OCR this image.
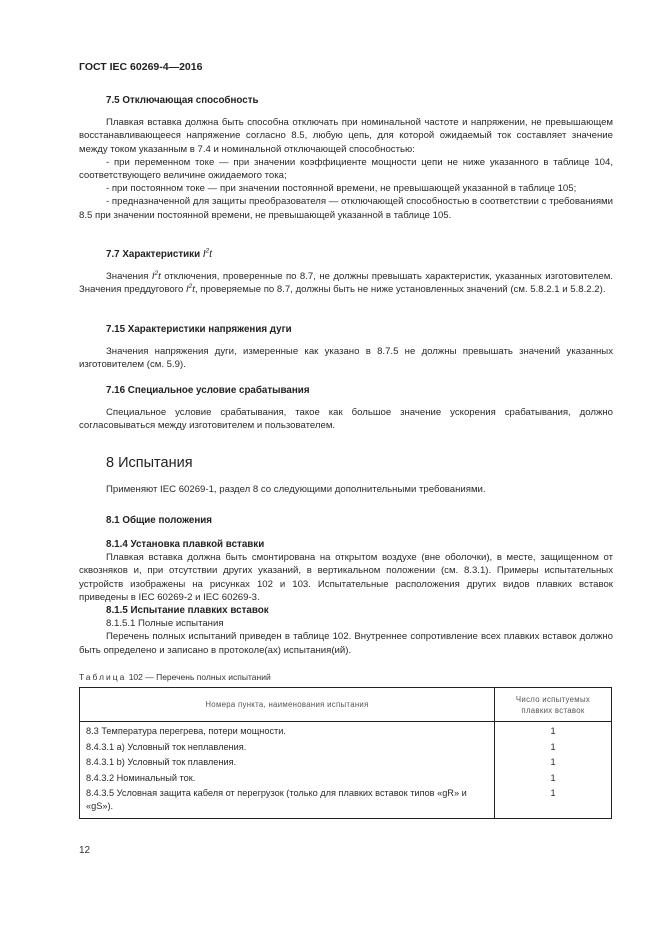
ГОСТ IEC 60269-4—2016
7.5 Отключающая способность

Плавкая вставка должна быть способна отключать при номинальной частоте и напряжении, не превышающем восстанавливающееся напряжение согласно 8.5, любую цепь, для которой ожидаемый ток составляет значение между током указанным в 7.4 и номинальной отключающей способностью:

- при переменном токе — при значении коэффициенте мощности цепи не ниже указанного в таблице 104, соответствующего величине ожидаемого тока;

- при постоянном токе — при значении постоянной времени, не превышающей указанной в таблице 105;

- предназначенной для защиты преобразователя — отключающей способностью в соответствии с требованиями 8.5 при значении постоянной времени, не превышающей указанной в таблице 105.

7.7 Характеристики $I^2t$

Значения $I^2t$ отключения, проверенные по 8.7, не должны превышать характеристик, указанных изготовителем. Значения преддугового $I^2t$, проверяемые по 8.7, должны быть не ниже установленных значений (см. 5.8.2.1 и 5.8.2.2).

7.15 Характеристики напряжения дуги

Значения напряжения дуги, измеренные как указано в 8.7.5 не должны превышать значений указанных изготовителем (см. 5.9).

7.16 Специальное условие срабатывания

Специальное условие срабатывания, такое как большое значение ускорения срабатывания, должно согласовываться между изготовителем и пользователем.

8 Испытания

Применяют IEC 60269-1, раздел 8 со следующими дополнительными требованиями.

8.1 Общие положения
8.1.4 Установка плавкой вставки

Плавкая вставка должна быть смонтирована на открытом воздухе (вне оболочки), в месте, защищенном от сквозняков и, при отсутствии других указаний, в вертикальном положении (см. 8.3.1). Примеры испытательных устройств изображены на рисунках 102 и 103. Испытательные расположения других видов плавких вставок приведены в IEC 60269-2 и IEC 60269-3.

8.1.5 Испытание плавких вставок
8.1.5.1 Полные испытания

Перечень полных испытаний приведен в таблице 102. Внутреннее сопротивление всех плавких вставок должно быть определено и записано в протоколе(ах) испытания(ий).

Таблица 102 — Перечень полных испытаний
Номера пункта, наименования испытания	Число испытуемых плавких вставок
8.3 Температура перегрева, потери мощности.	1
8.4.3.1 a) Условный ток неплавления.	1
8.4.3.1 b) Условный ток плавления.	1
8.4.3.2 Номинальный ток.	1
8.4.3.5 Условная защита кабеля от перегрузок (только для плавких вставок типов «gR» и «gS»).	1
12
